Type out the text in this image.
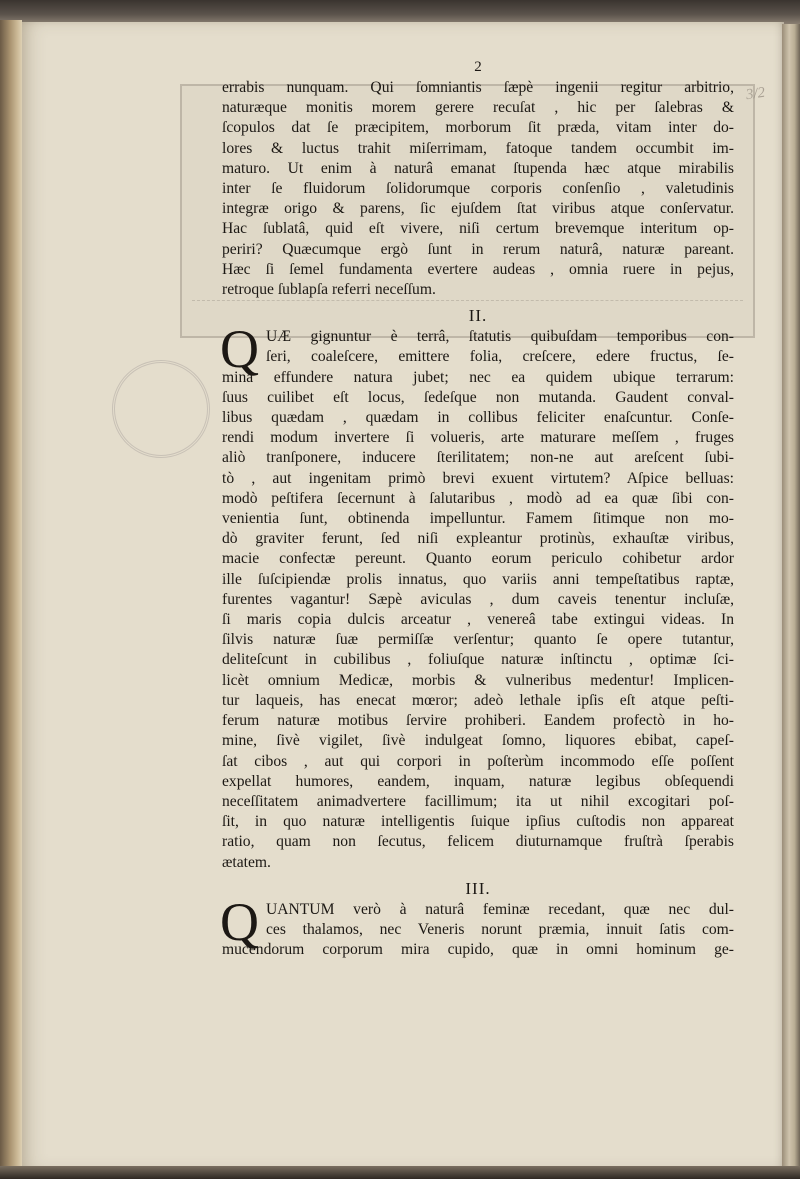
3/2
2

errabis nunquam. Qui ſomniantis ſæpè ingenii regitur arbitrio,

naturæque monitis morem gerere recuſat , hic per ſalebras &

ſcopulos dat ſe præcipitem, morborum ſit præda, vitam inter do-

lores & luctus trahit miſerrimam, fatoque tandem occumbit im-

maturo. Ut enim à naturâ emanat ſtupenda hæc atque mirabilis

inter ſe fluidorum ſolidorumque corporis conſenſio , valetudinis

integræ origo & parens, ſic ejuſdem ſtat viribus atque conſervatur.

Hac ſublatâ, quid eſt vivere, niſi certum brevemque interitum op-

periri? Quæcumque ergò ſunt in rerum naturâ, naturæ pareant.

Hæc ſi ſemel fundamenta evertere audeas , omnia ruere in pejus,

retroque ſublapſa referri neceſſum.

II.
Q UÆ gignuntur è terrâ, ſtatutis quibuſdam temporibus con-

ſeri, coaleſcere, emittere folia, creſcere, edere fructus, ſe-

mina effundere natura jubet; nec ea quidem ubique terrarum:

ſuus cuilibet eſt locus, ſedeſque non mutanda. Gaudent conval-

libus quædam , quædam in collibus feliciter enaſcuntur. Conſe-

rendi modum invertere ſi volueris, arte maturare meſſem , fruges

aliò tranſponere, inducere ſterilitatem; non-ne aut areſcent ſubi-

tò , aut ingenitam primò brevi exuent virtutem? Aſpice belluas:

modò peſtifera ſecernunt à ſalutaribus , modò ad ea quæ ſibi con-

venientia ſunt, obtinenda impelluntur. Famem ſitimque non mo-

dò graviter ferunt, ſed niſi expleantur protinùs, exhauſtæ viribus,

macie confectæ pereunt. Quanto eorum periculo cohibetur ardor

ille ſuſcipiendæ prolis innatus, quo variis anni tempeſtatibus raptæ,

furentes vagantur! Sæpè aviculas , dum caveis tenentur incluſæ,

ſi maris copia dulcis arceatur , venereâ tabe extingui videas. In

ſilvis naturæ ſuæ permiſſæ verſentur; quanto ſe opere tutantur,

deliteſcunt in cubilibus , foliuſque naturæ inſtinctu , optimæ ſci-

licèt omnium Medicæ, morbis & vulneribus medentur! Implicen-

tur laqueis, has enecat mœror; adeò lethale ipſis eſt atque peſti-

ferum naturæ motibus ſervire prohiberi. Eandem profectò in ho-

mine, ſivè vigilet, ſivè indulgeat ſomno, liquores ebibat, capeſ-

ſat cibos , aut qui corpori in poſterùm incommodo eſſe poſſent

expellat humores, eandem, inquam, naturæ legibus obſequendi

neceſſitatem animadvertere facillimum; ita ut nihil excogitari poſ-

ſit, in quo naturæ intelligentis ſuique ipſius cuſtodis non appareat

ratio, quam non ſecutus, felicem diuturnamque fruſtrà ſperabis

ætatem.

III.
Q UANTUM verò à naturâ feminæ recedant, quæ nec dul-

ces thalamos, nec Veneris norunt præmia, innuit ſatis com-

mucendorum corporum mira cupido, quæ in omni hominum ge-
